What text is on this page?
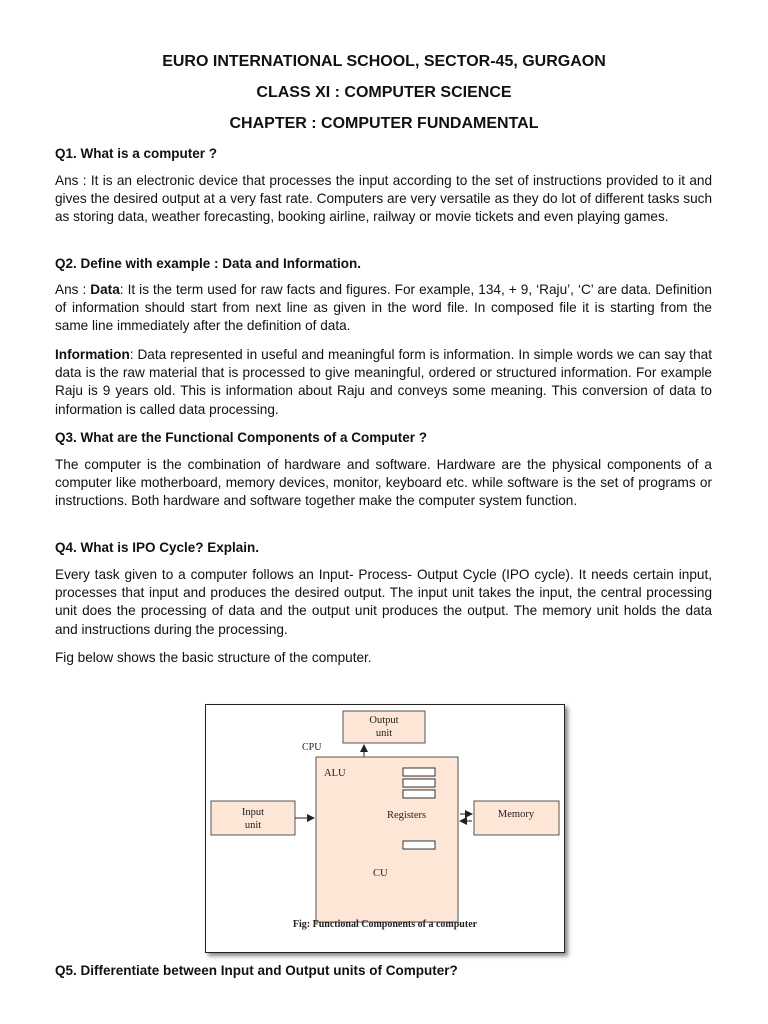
EURO INTERNATIONAL SCHOOL, SECTOR-45, GURGAON
CLASS XI : COMPUTER SCIENCE
CHAPTER : COMPUTER FUNDAMENTAL
Q1. What is a computer ?

Ans : It is an electronic device that processes the input according to the set of instructions provided to it and gives the desired output at a very fast rate. Computers are very versatile as they do lot of different tasks such as storing data, weather forecasting, booking airline, railway or movie tickets and even playing games.

Q2. Define with example : Data and Information.

Ans : Data: It is the term used for raw facts and figures. For example, 134, + 9, ‘Raju’, ‘C’ are data. Definition of information should start from next line as given in the word file. In composed file it is starting from the same line immediately after the definition of data.

Information: Data represented in useful and meaningful form is information. In simple words we can say that data is the raw material that is processed to give meaningful, ordered or structured information. For example Raju is 9 years old. This is information about Raju and conveys some meaning. This conversion of data to information is called data processing.

Q3. What are the Functional Components of a Computer ?

The computer is the combination of hardware and software. Hardware are the physical components of a computer like motherboard, memory devices, monitor, keyboard etc. while software is the set of programs or instructions. Both hardware and software together make the computer system function.

Q4. What is IPO Cycle? Explain.

Every task given to a computer follows an Input- Process- Output Cycle (IPO cycle). It needs certain input, processes that input and produces the desired output. The input unit takes the input, the central processing unit does the processing of data and the output unit produces the output. The memory unit holds the data and instructions during the processing.

Fig below shows the basic structure of the computer.

Output
unit
CPU
ALU
Registers
CU
Input
unit
Memory
Fig: Functional Components of a computer
Q5. Differentiate between Input and Output units of Computer?
